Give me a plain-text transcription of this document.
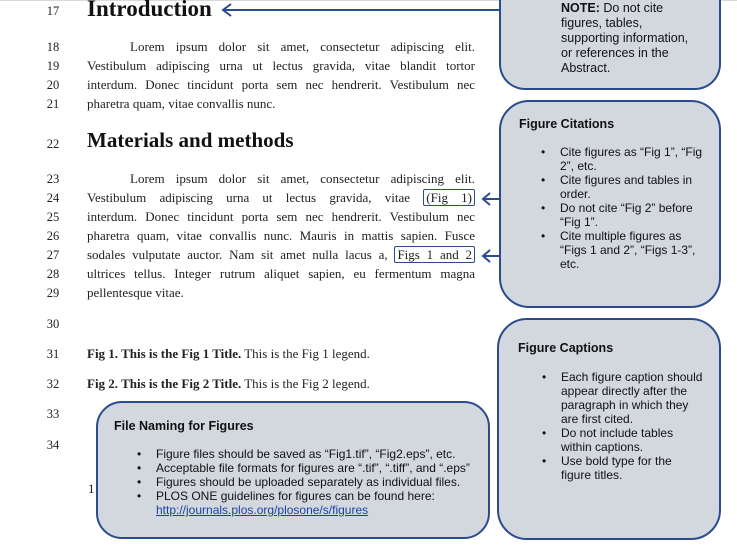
17
18
19
20
21
22
23
24
25
26
27
28
29
30
31
32
33
34
Introduction
Materials and methods
Lorem ipsum dolor sit amet, consectetur adipiscing elit.
Vestibulum adipiscing urna ut lectus gravida, vitae blandit tortor
interdum. Donec tincidunt porta sem nec hendrerit. Vestibulum nec
pharetra quam, vitae convallis nunc.
Lorem ipsum dolor sit amet, consectetur adipiscing elit.
Vestibulum adipiscing urna ut lectus gravida, vitae (Fig 1)
interdum. Donec tincidunt porta sem nec hendrerit. Vestibulum nec
pharetra quam, vitae convallis nunc. Mauris in mattis sapien. Fusce
sodales vulputate auctor. Nam sit amet nulla lacus a, Figs 1 and 2
ultrices tellus. Integer rutrum aliquet sapien, eu fermentum magna
pellentesque vitae.
Fig 1. This is the Fig 1 Title. This is the Fig 1 legend.
Fig 2. This is the Fig 2 Title. This is the Fig 2 legend.
1
NOTE: Do not cite
figures, tables,
supporting information,
or references in the
Abstract.
Figure Citations
• Cite figures as “Fig 1”, “Fig 2”, etc.
• Cite figures and tables in order.
• Do not cite “Fig 2” before “Fig 1”.
• Cite multiple figures as “Figs 1 and 2”, “Figs 1-3”, etc.
Figure Captions
• Each figure caption should appear directly after the paragraph in which they are first cited.
• Do not include tables within captions.
• Use bold type for the figure titles.
File Naming for Figures
• Figure files should be saved as “Fig1.tif”, “Fig2.eps”, etc.
• Acceptable file formats for figures are “.tif”, “.tiff”, and “.eps”
• Figures should be uploaded separately as individual files.
• PLOS ONE guidelines for figures can be found here:
http://journals.plos.org/plosone/s/figures
